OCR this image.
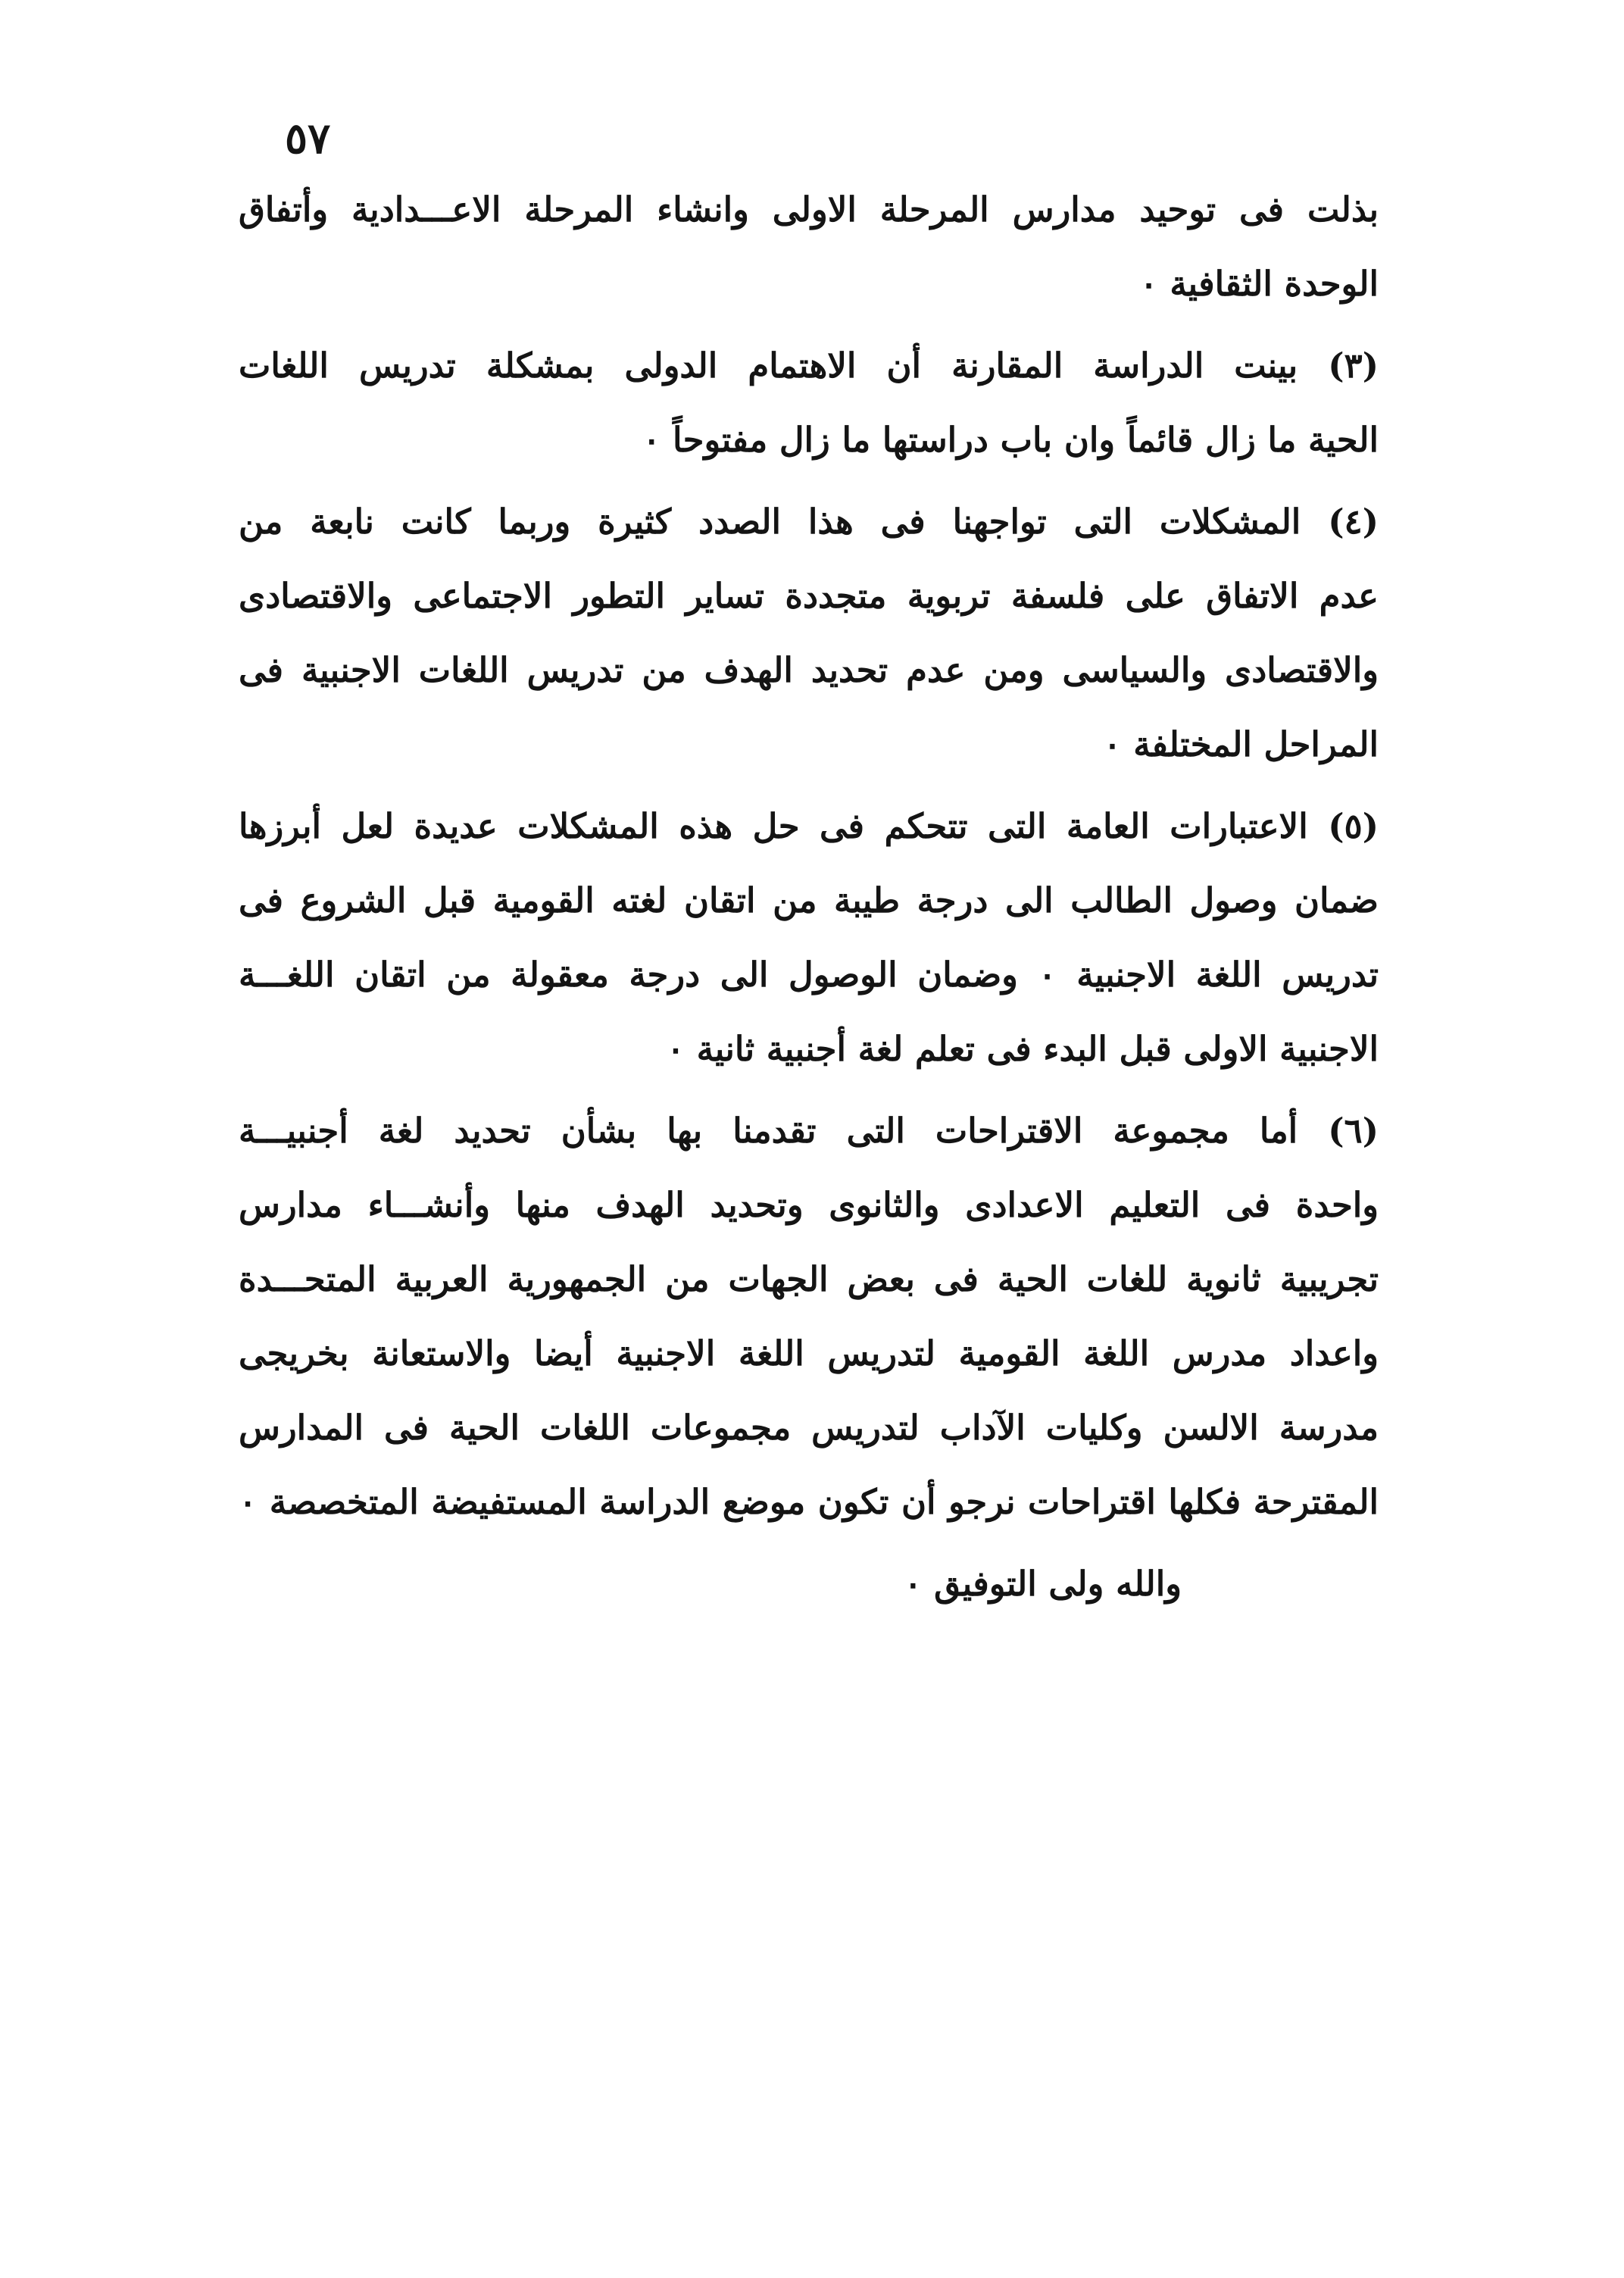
٥٧
بذلت فى توحيد مدارس المرحلة الاولى وانشاء المرحلة الاعـــدادية وأتفاق
الوحدة الثقافية ٠
(٣) بينت الدراسة المقارنة أن الاهتمام الدولى بمشكلة تدريس اللغات
الحية ما زال قائماً وان باب دراستها ما زال مفتوحاً ٠
(٤) المشكلات التى تواجهنا فى هذا الصدد كثيرة وربما كانت نابعة من
عدم الاتفاق على فلسفة تربوية متجددة تساير التطور الاجتماعى والاقتصادى
والاقتصادى والسياسى ومن عدم تحديد الهدف من تدريس اللغات الاجنبية فى
المراحل المختلفة ٠
(٥) الاعتبارات العامة التى تتحكم فى حل هذه المشكلات عديدة لعل أبرزها
ضمان وصول الطالب الى درجة طيبة من اتقان لغته القومية قبل الشروع فى
تدريس اللغة الاجنبية ٠ وضمان الوصول الى درجة معقولة من اتقان اللغـــة
الاجنبية الاولى قبل البدء فى تعلم لغة أجنبية ثانية ٠
(٦) أما مجموعة الاقتراحات التى تقدمنا بها بشأن تحديد لغة أجنبيـــة
واحدة فى التعليم الاعدادى والثانوى وتحديد الهدف منها وأنشـــاء مدارس
تجريبية ثانوية للغات الحية فى بعض الجهات من الجمهورية العربية المتحـــدة
واعداد مدرس اللغة القومية لتدريس اللغة الاجنبية أيضا والاستعانة بخريجى
مدرسة الالسن وكليات الآداب لتدريس مجموعات اللغات الحية فى المدارس
المقترحة فكلها اقتراحات نرجو أن تكون موضع الدراسة المستفيضة المتخصصة ٠
والله ولى التوفيق ٠
